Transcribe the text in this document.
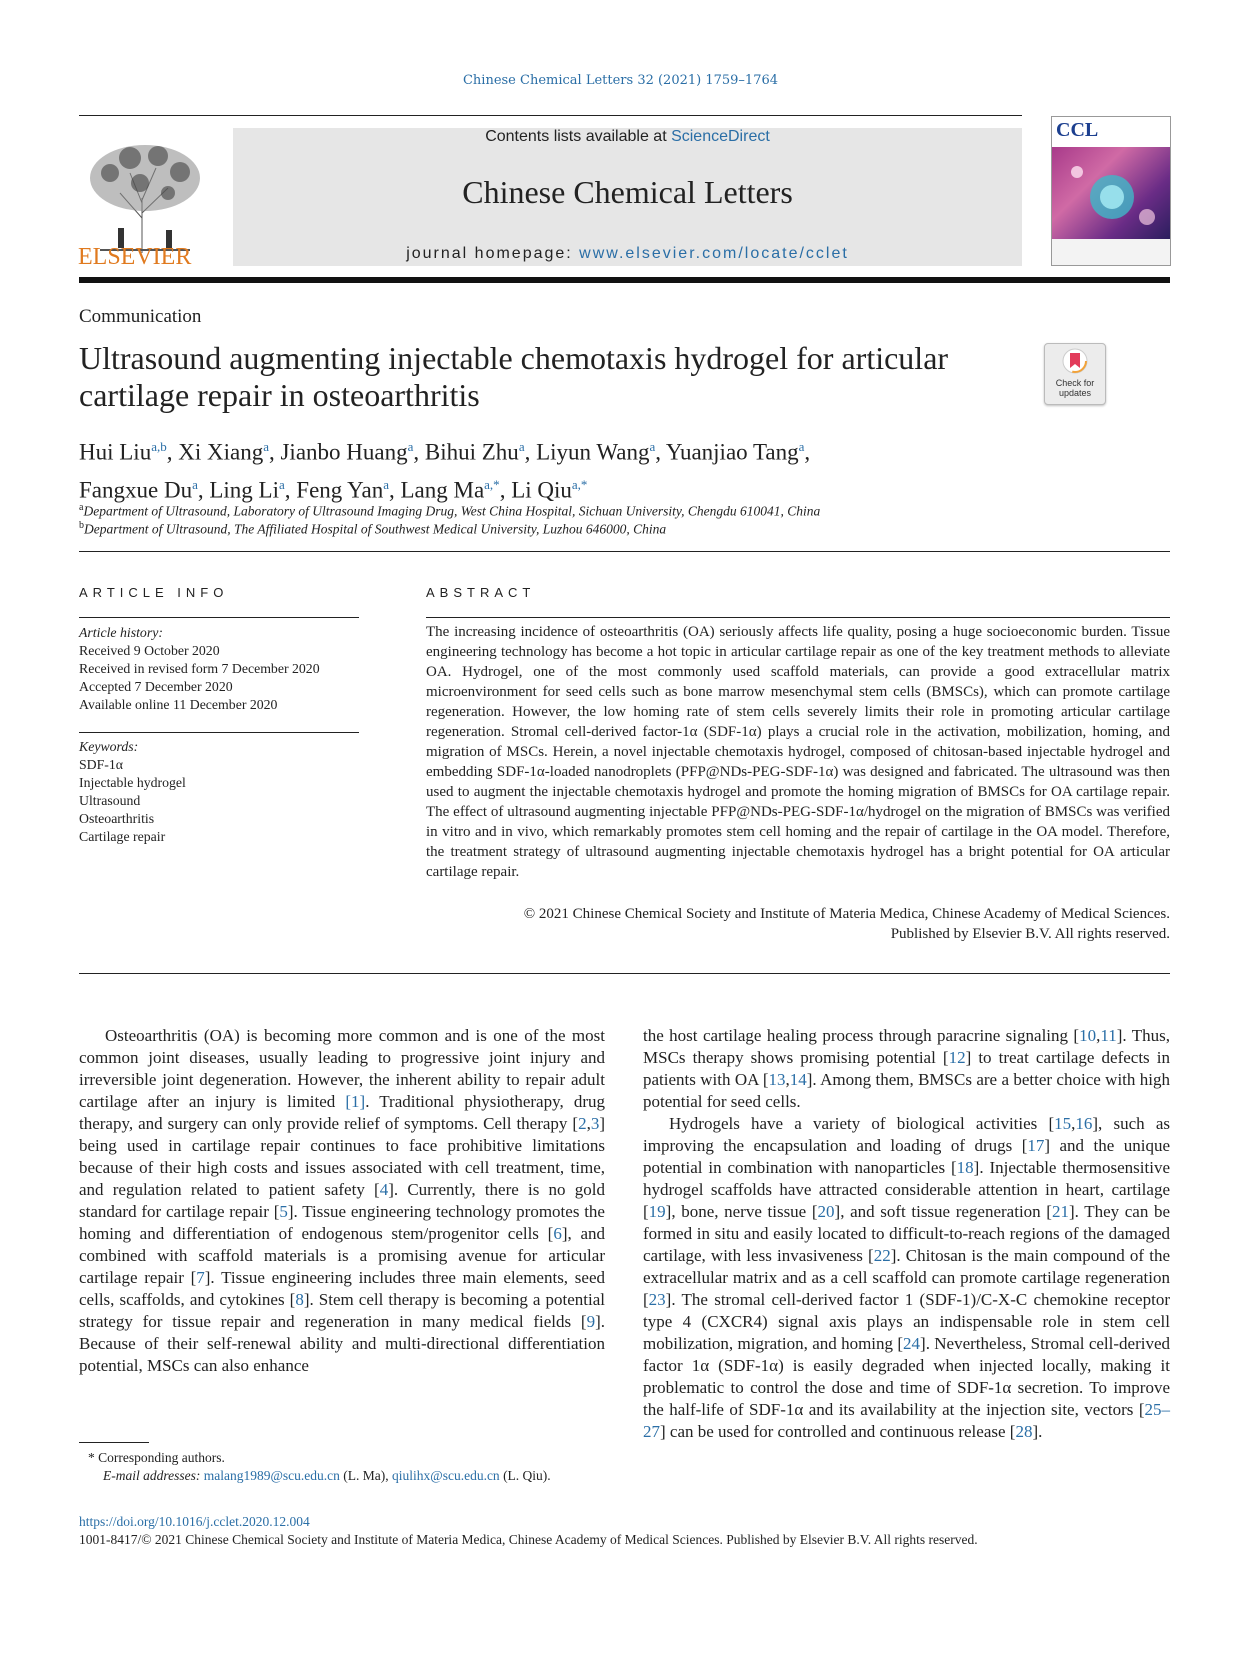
Chinese Chemical Letters 32 (2021) 1759–1764
ELSEVIER
Contents lists available at ScienceDirect
Chinese Chemical Letters
journal homepage: www.elsevier.com/locate/cclet
CCL
Communication
Ultrasound augmenting injectable chemotaxis hydrogel for articular
cartilage repair in osteoarthritis	Check for
updates
Hui Liu$^{a,b}$, Xi Xiang$^a$, Jianbo Huang$^a$, Bihui Zhu$^a$, Liyun Wang$^a$, Yuanjiao Tang$^a$,
Fangxue Du$^a$, Ling Li$^a$, Feng Yan$^a$, Lang $Ma^{a,*}$, Li Qiu$^{a,*}$
$^a$Department of Ultrasound, Laboratory of Ultrasound Imaging Drug, West China Hospital, Sichuan University, Chengdu 610041, China
$^b$Department of Ultrasound, The Affiliated Hospital of Southwest Medical University, Luzhou 646000, China
ARTICLE INFO
Article history:
Received 9 October 2020
Received in revised form 7 December 2020
Accepted 7 December 2020
Available online 11 December 2020
Keywords:
SDF-1α
Injectable hydrogel
Ultrasound
Osteoarthritis
Cartilage repair
ABSTRACT

The increasing incidence of osteoarthritis (OA) seriously affects life quality, posing a huge socioeconomic burden. Tissue engineering technology has become a hot topic in articular cartilage repair as one of the key treatment methods to alleviate OA. Hydrogel, one of the most commonly used scaffold materials, can provide a good extracellular matrix microenvironment for seed cells such as bone marrow mesenchymal stem cells (BMSCs), which can promote cartilage regeneration. However, the low homing rate of stem cells severely limits their role in promoting articular cartilage regeneration. Stromal cell-derived factor-1α (SDF-1α) plays a crucial role in the activation, mobilization, homing, and migration of MSCs. Herein, a novel injectable chemotaxis hydrogel, composed of chitosan-based injectable hydrogel and embedding SDF-1α-loaded nanodroplets (PFP@NDs-PEG-SDF-1α) was designed and fabricated. The ultrasound was then used to augment the injectable chemotaxis hydrogel and promote the homing migration of BMSCs for OA cartilage repair. The effect of ultrasound augmenting injectable PFP@NDs-PEG-SDF-1α/hydrogel on the migration of BMSCs was verified in vitro and in vivo, which remarkably promotes stem cell homing and the repair of cartilage in the OA model. Therefore, the treatment strategy of ultrasound augmenting injectable chemotaxis hydrogel has a bright potential for OA articular cartilage repair.

© 2021 Chinese Chemical Society and Institute of Materia Medica, Chinese Academy of Medical Sciences.
Published by Elsevier B.V. All rights reserved.

Osteoarthritis (OA) is becoming more common and is one of the most common joint diseases, usually leading to progressive joint injury and irreversible joint degeneration. However, the inherent ability to repair adult cartilage after an injury is limited [1]. Traditional physiotherapy, drug therapy, and surgery can only provide relief of symptoms. Cell therapy [2,3] being used in cartilage repair continues to face prohibitive limitations because of their high costs and issues associated with cell treatment, time, and regulation related to patient safety [4]. Currently, there is no gold standard for cartilage repair [5]. Tissue engineering technology promotes the homing and differentiation of endogenous stem/progenitor cells [6], and combined with scaffold materials is a promising avenue for articular cartilage repair [7]. Tissue engineering includes three main elements, seed cells, scaffolds, and cytokines [8]. Stem cell therapy is becoming a potential strategy for tissue repair and regeneration in many medical fields [9]. Because of their self-renewal ability and multi-directional differentiation potential, MSCs can also enhance

the host cartilage healing process through paracrine signaling [10,11]. Thus, MSCs therapy shows promising potential [12] to treat cartilage defects in patients with OA [13,14]. Among them, BMSCs are a better choice with high potential for seed cells.

Hydrogels have a variety of biological activities [15,16], such as improving the encapsulation and loading of drugs [17] and the unique potential in combination with nanoparticles [18]. Injectable thermosensitive hydrogel scaffolds have attracted considerable attention in heart, cartilage [19], bone, nerve tissue [20], and soft tissue regeneration [21]. They can be formed in situ and easily located to difficult-to-reach regions of the damaged cartilage, with less invasiveness [22]. Chitosan is the main compound of the extracellular matrix and as a cell scaffold can promote cartilage regeneration [23]. The stromal cell-derived factor 1 (SDF-1)/C-X-C chemokine receptor type 4 (CXCR4) signal axis plays an indispensable role in stem cell mobilization, migration, and homing [24]. Nevertheless, Stromal cell-derived factor 1α (SDF-1α) is easily degraded when injected locally, making it problematic to control the dose and time of SDF-1α secretion. To improve the half-life of SDF-1α and its availability at the injection site, vectors [25–27] can be used for controlled and continuous release [28].

* Corresponding authors.
E-mail addresses: malang1989@scu.edu.cn (L. Ma), qiulihx@scu.edu.cn (L. Qiu).
https://doi.org/10.1016/j.cclet.2020.12.004
1001-8417/© 2021 Chinese Chemical Society and Institute of Materia Medica, Chinese Academy of Medical Sciences. Published by Elsevier B.V. All rights reserved.
